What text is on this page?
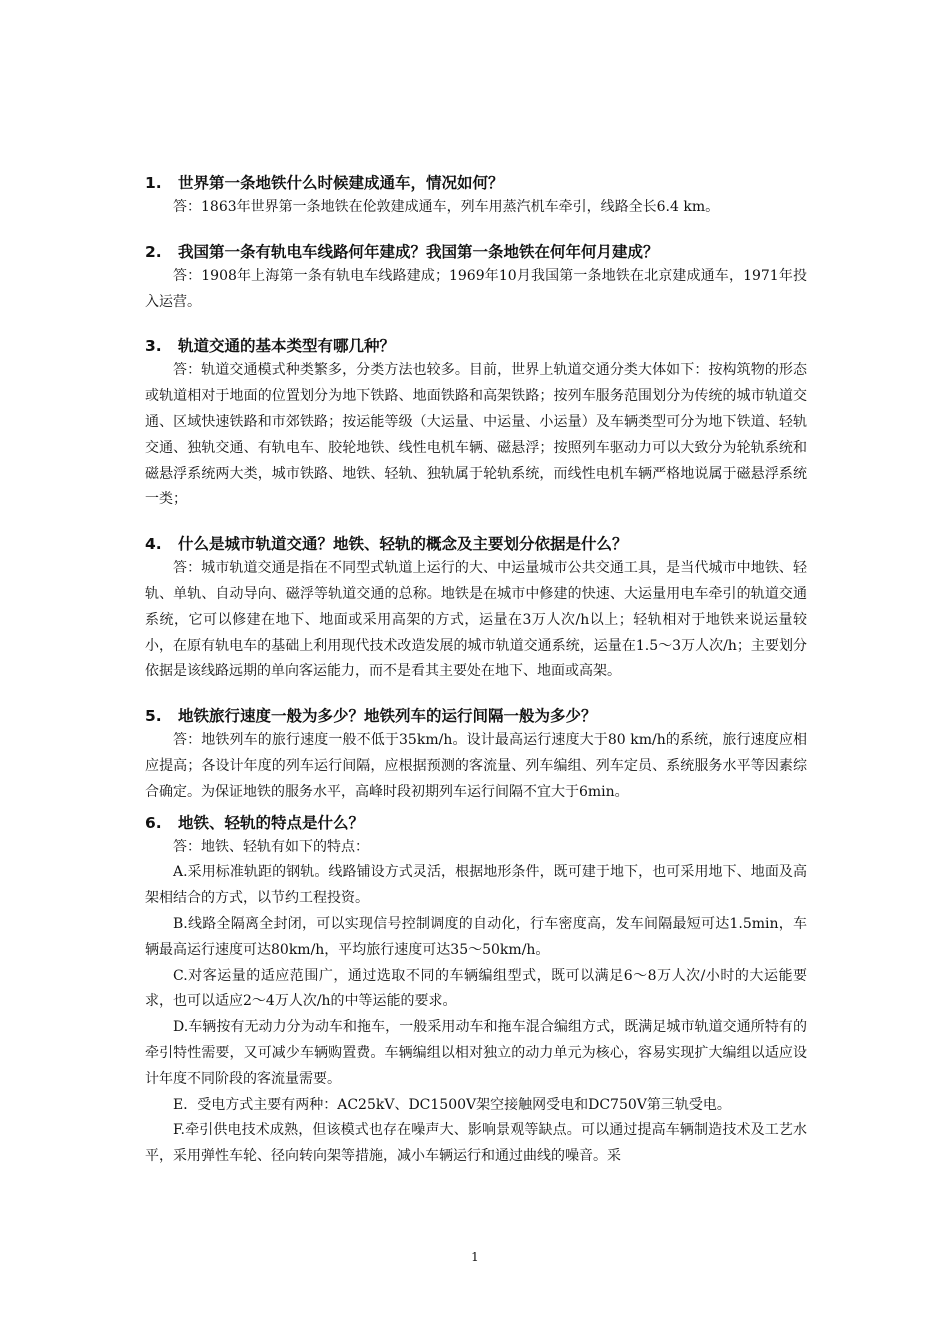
1. 世界第一条地铁什么时候建成通车，情况如何？

答：1863年世界第一条地铁在伦敦建成通车，列车用蒸汽机车牵引，线路全长6.4 km。

2. 我国第一条有轨电车线路何年建成？我国第一条地铁在何年何月建成？

答：1908年上海第一条有轨电车线路建成；1969年10月我国第一条地铁在北京建成通车，1971年投入运营。

3. 轨道交通的基本类型有哪几种？

答：轨道交通模式种类繁多，分类方法也较多。目前，世界上轨道交通分类大体如下：按构筑物的形态或轨道相对于地面的位置划分为地下铁路、地面铁路和高架铁路；按列车服务范围划分为传统的城市轨道交通、区域快速铁路和市郊铁路；按运能等级（大运量、中运量、小运量）及车辆类型可分为地下铁道、轻轨交通、独轨交通、有轨电车、胶轮地铁、线性电机车辆、磁悬浮；按照列车驱动力可以大致分为轮轨系统和磁悬浮系统两大类，城市铁路、地铁、轻轨、独轨属于轮轨系统，而线性电机车辆严格地说属于磁悬浮系统一类；

4. 什么是城市轨道交通？地铁、轻轨的概念及主要划分依据是什么？

答：城市轨道交通是指在不同型式轨道上运行的大、中运量城市公共交通工具，是当代城市中地铁、轻轨、单轨、自动导向、磁浮等轨道交通的总称。地铁是在城市中修建的快速、大运量用电车牵引的轨道交通系统，它可以修建在地下、地面或采用高架的方式，运量在3万人次/h以上；轻轨相对于地铁来说运量较小，在原有轨电车的基础上利用现代技术改造发展的城市轨道交通系统，运量在1.5～3万人次/h；主要划分依据是该线路远期的单向客运能力，而不是看其主要处在地下、地面或高架。

5. 地铁旅行速度一般为多少？地铁列车的运行间隔一般为多少？

答：地铁列车的旅行速度一般不低于35km/h。设计最高运行速度大于80 km/h的系统，旅行速度应相应提高；各设计年度的列车运行间隔，应根据预测的客流量、列车编组、列车定员、系统服务水平等因素综合确定。为保证地铁的服务水平，高峰时段初期列车运行间隔不宜大于6min。

6. 地铁、轻轨的特点是什么？

答：地铁、轻轨有如下的特点：

A.采用标准轨距的钢轨。线路铺设方式灵活，根据地形条件，既可建于地下，也可采用地下、地面及高架相结合的方式，以节约工程投资。

B.线路全隔离全封闭，可以实现信号控制调度的自动化，行车密度高，发车间隔最短可达1.5min，车辆最高运行速度可达80km/h，平均旅行速度可达35～50km/h。

C.对客运量的适应范围广，通过选取不同的车辆编组型式，既可以满足6～8万人次/小时的大运能要求，也可以适应2～4万人次/h的中等运能的要求。

D.车辆按有无动力分为动车和拖车，一般采用动车和拖车混合编组方式，既满足城市轨道交通所特有的牵引特性需要，又可减少车辆购置费。车辆编组以相对独立的动力单元为核心，容易实现扩大编组以适应设计年度不同阶段的客流量需要。

E．受电方式主要有两种：AC25kV、DC1500V架空接触网受电和DC750V第三轨受电。

F.牵引供电技术成熟，但该模式也存在噪声大、影响景观等缺点。可以通过提高车辆制造技术及工艺水平，采用弹性车轮、径向转向架等措施，减小车辆运行和通过曲线的噪音。采

1
